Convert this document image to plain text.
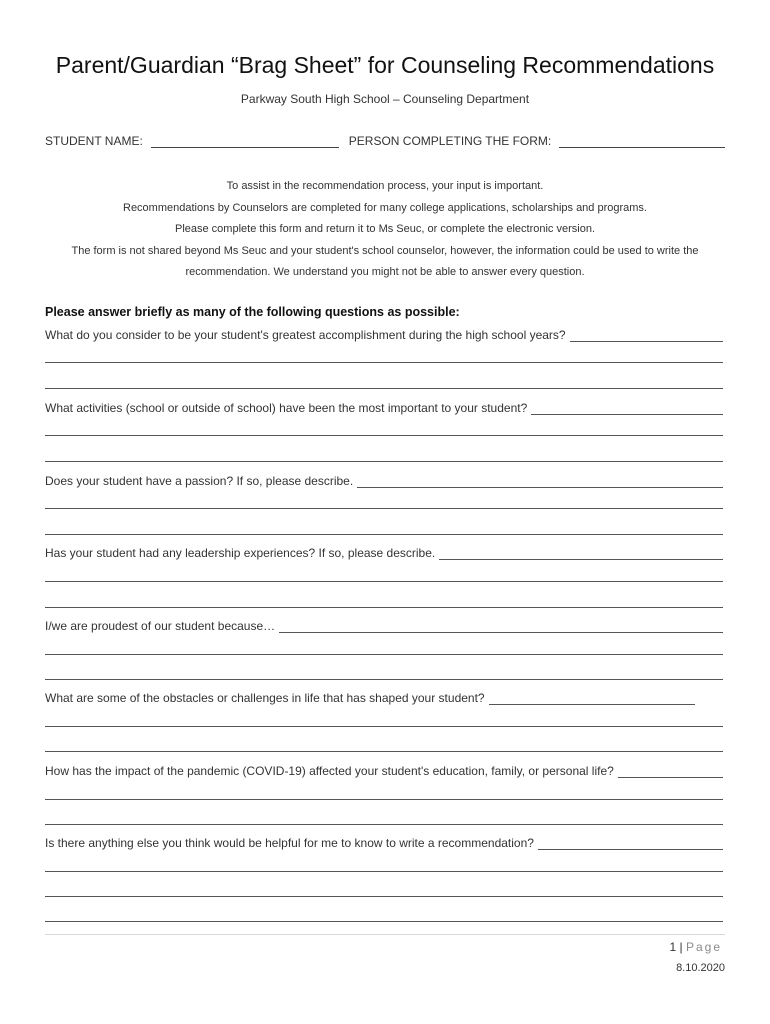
Parent/Guardian “Brag Sheet” for Counseling Recommendations
Parkway South High School – Counseling Department
STUDENT NAME:	PERSON COMPLETING THE FORM:
To assist in the recommendation process, your input is important.
Recommendations by Counselors are completed for many college applications, scholarships and programs.
Please complete this form and return it to Ms Seuc, or complete the electronic version.
The form is not shared beyond Ms Seuc and your student's school counselor, however, the information could be used to write the
recommendation. We understand you might not be able to answer every question.
Please answer briefly as many of the following questions as possible:
What do you consider to be your student's greatest accomplishment during the high school years?
What activities (school or outside of school) have been the most important to your student?
Does your student have a passion? If so, please describe.
Has your student had any leadership experiences? If so, please describe.
I/we are proudest of our student because…
What are some of the obstacles or challenges in life that has shaped your student?
How has the impact of the pandemic (COVID-19) affected your student's education, family, or personal life?
Is there anything else you think would be helpful for me to know to write a recommendation?
1 | Page
8.10.2020
